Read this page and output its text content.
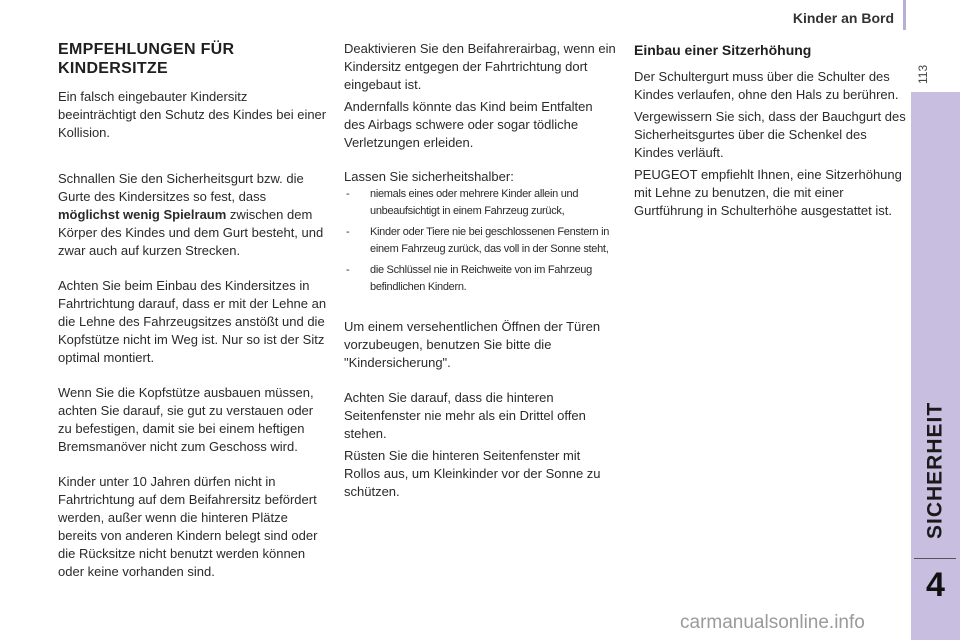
Kinder an Bord
113
SICHERHEIT
4
EMPFEHLUNGEN FÜR KINDERSITZE

Ein falsch eingebauter Kindersitz beeinträchtigt den Schutz des Kindes bei einer Kollision.

Schnallen Sie den Sicherheitsgurt bzw. die Gurte des Kindersitzes so fest, dass möglichst wenig Spielraum zwischen dem Körper des Kindes und dem Gurt besteht, und zwar auch auf kurzen Strecken.

Achten Sie beim Einbau des Kindersitzes in Fahrtrichtung darauf, dass er mit der Lehne an die Lehne des Fahrzeugsitzes anstößt und die Kopfstütze nicht im Weg ist. Nur so ist der Sitz optimal montiert.

Wenn Sie die Kopfstütze ausbauen müssen, achten Sie darauf, sie gut zu verstauen oder zu befestigen, damit sie bei einem heftigen Bremsmanöver nicht zum Geschoss wird.

Kinder unter 10 Jahren dürfen nicht in Fahrtrichtung auf dem Beifahrersitz befördert werden, außer wenn die hinteren Plätze bereits von anderen Kindern belegt sind oder die Rücksitze nicht benutzt werden können oder keine vorhanden sind.

Deaktivieren Sie den Beifahrerairbag, wenn ein Kindersitz entgegen der Fahrtrichtung dort eingebaut ist.

Andernfalls könnte das Kind beim Entfalten des Airbags schwere oder sogar tödliche Verletzungen erleiden.

Lassen Sie sicherheitshalber:

- niemals eines oder mehrere Kinder allein und unbeaufsichtigt in einem Fahrzeug zurück,
- Kinder oder Tiere nie bei geschlossenen Fenstern in einem Fahrzeug zurück, das voll in der Sonne steht,
- die Schlüssel nie in Reichweite von im Fahrzeug befindlichen Kindern.

Um einem versehentlichen Öffnen der Türen vorzubeugen, benutzen Sie bitte die "Kindersicherung".

Achten Sie darauf, dass die hinteren Seitenfenster nie mehr als ein Drittel offen stehen.

Rüsten Sie die hinteren Seitenfenster mit Rollos aus, um Kleinkinder vor der Sonne zu schützen.

Einbau einer Sitzerhöhung

Der Schultergurt muss über die Schulter des Kindes verlaufen, ohne den Hals zu berühren.

Vergewissern Sie sich, dass der Bauchgurt des Sicherheitsgurtes über die Schenkel des Kindes verläuft.

PEUGEOT empfiehlt Ihnen, eine Sitzerhöhung mit Lehne zu benutzen, die mit einer Gurtführung in Schulterhöhe ausgestattet ist.

carmanualsonline.info
